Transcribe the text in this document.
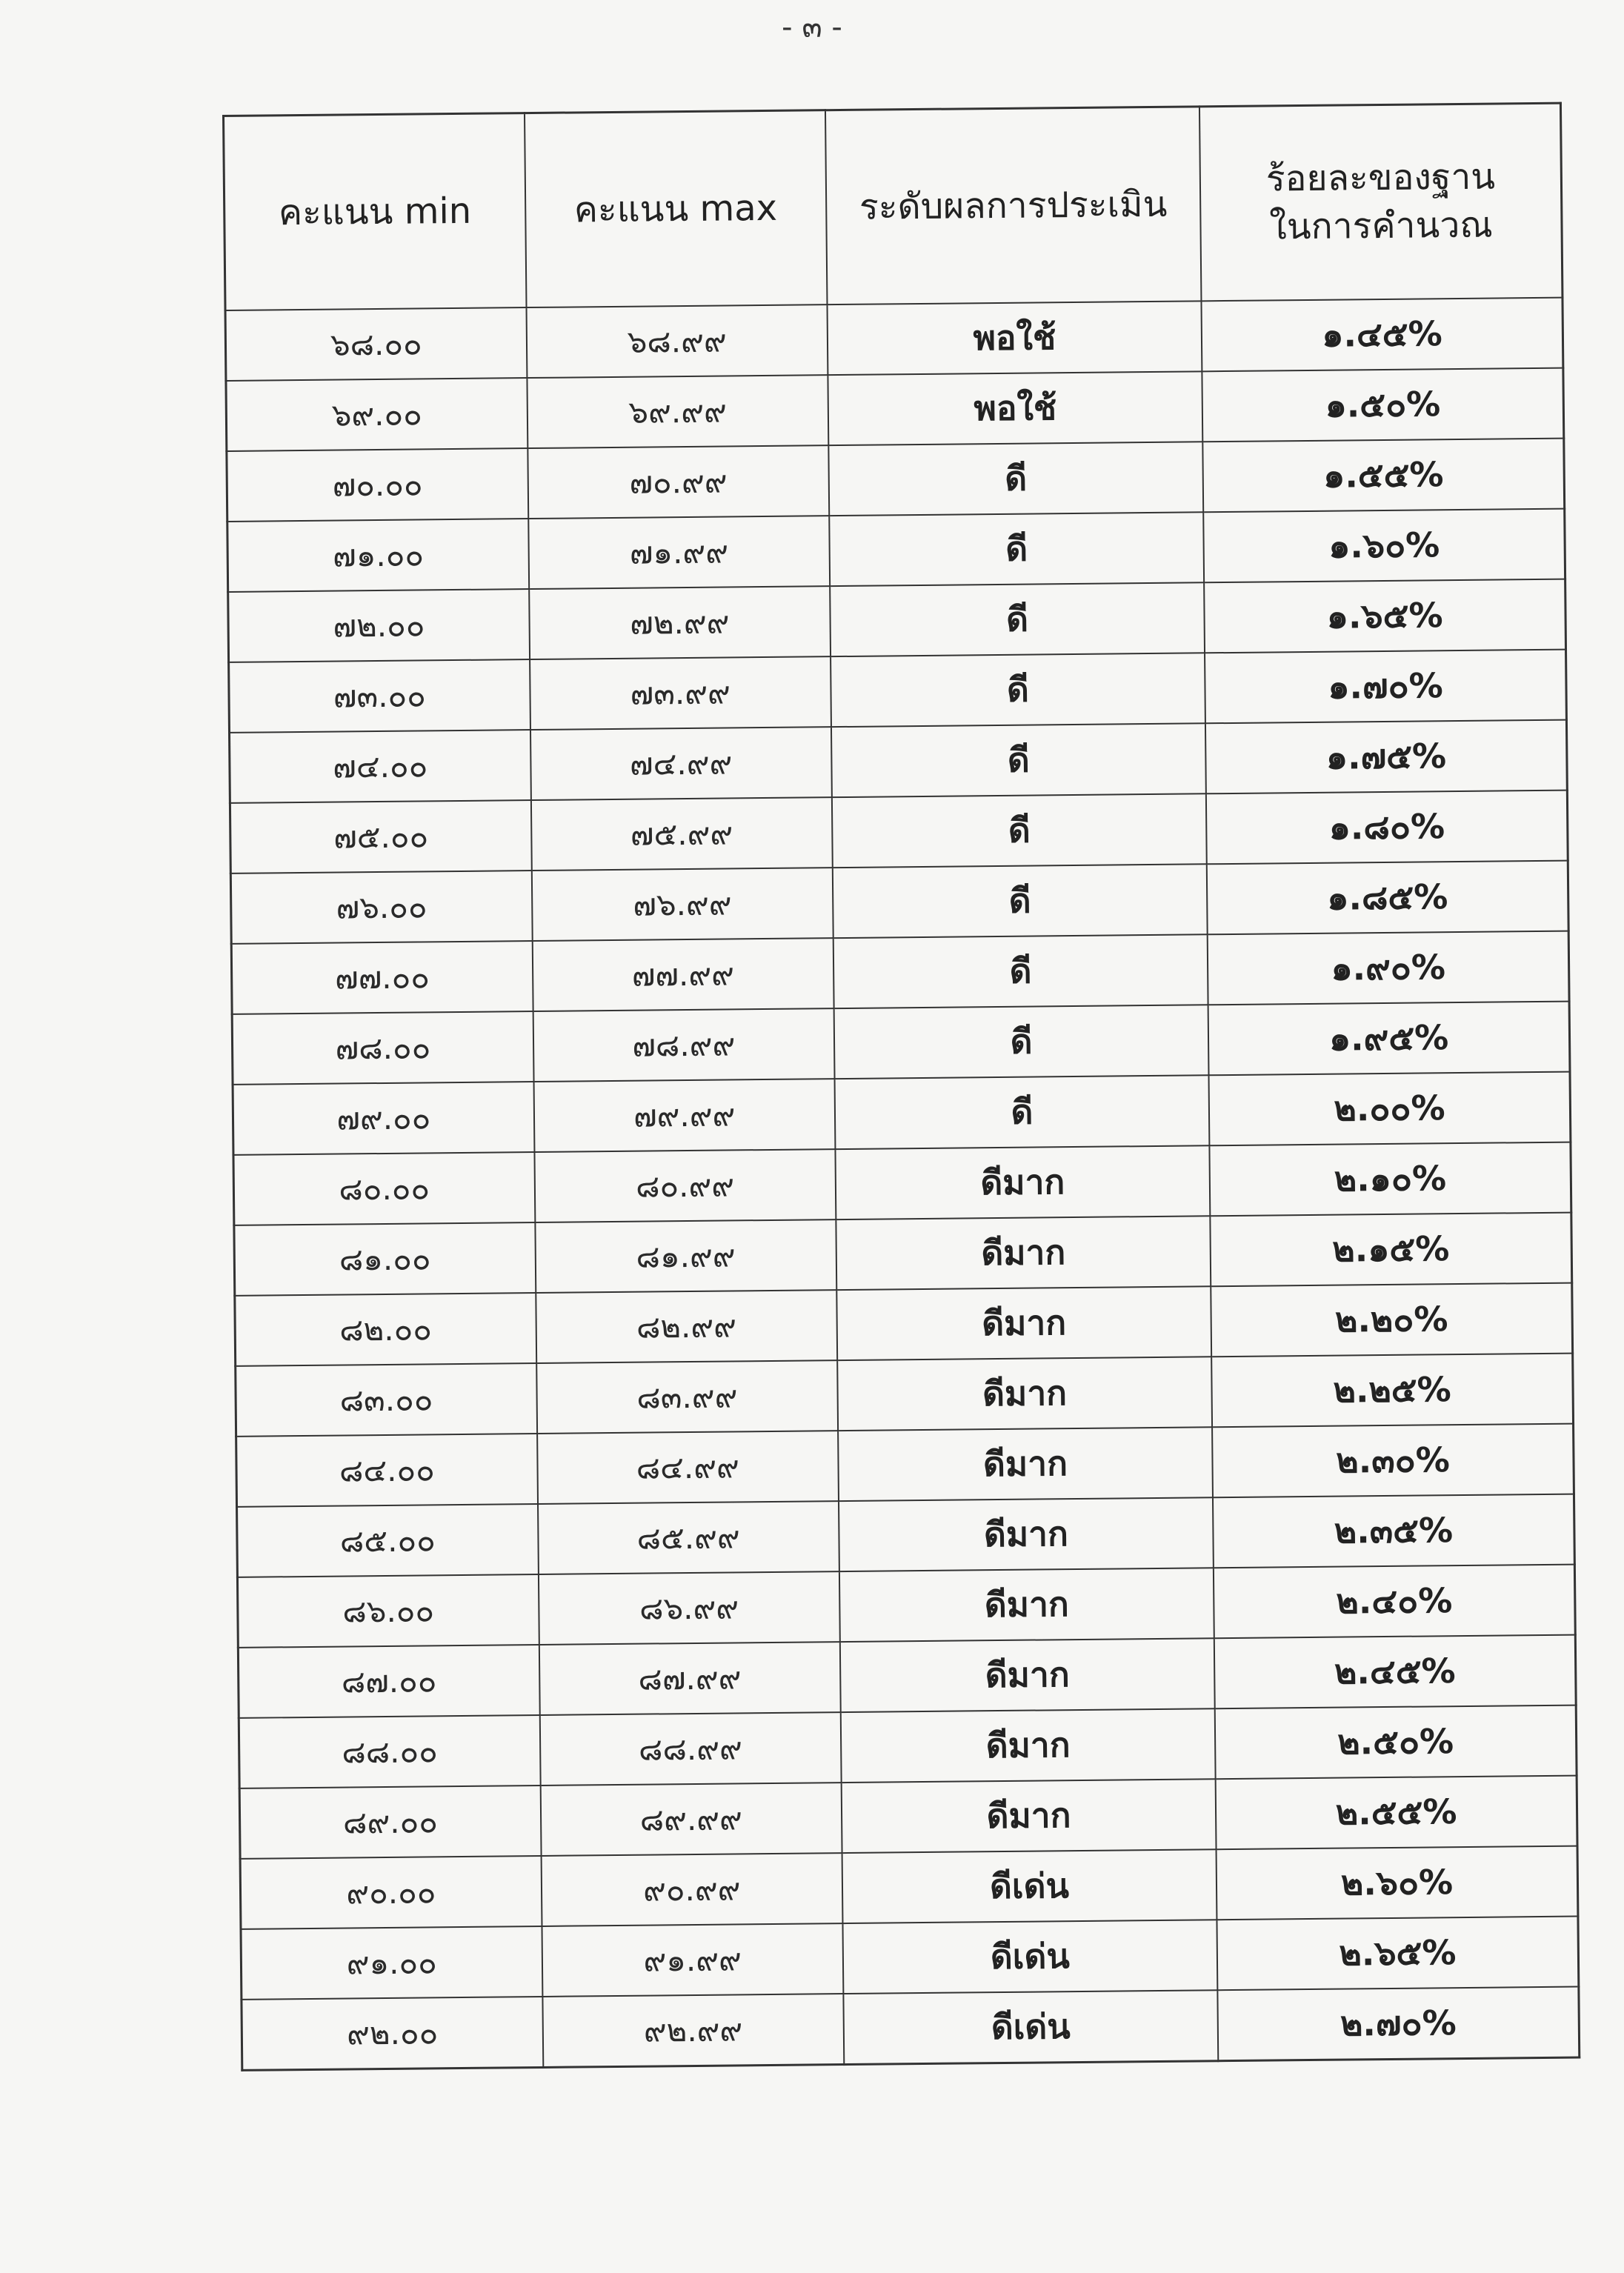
- ๓ -
คะแนน min	คะแนน max	ระดับผลการประเมิน	ร้อยละของฐาน
ในการคำนวณ

๖๘.๐๐	๖๘.๙๙	พอใช้	๑.๔๕%
๖๙.๐๐	๖๙.๙๙	พอใช้	๑.๕๐%
๗๐.๐๐	๗๐.๙๙	ดี	๑.๕๕%
๗๑.๐๐	๗๑.๙๙	ดี	๑.๖๐%
๗๒.๐๐	๗๒.๙๙	ดี	๑.๖๕%
๗๓.๐๐	๗๓.๙๙	ดี	๑.๗๐%
๗๔.๐๐	๗๔.๙๙	ดี	๑.๗๕%
๗๕.๐๐	๗๕.๙๙	ดี	๑.๘๐%
๗๖.๐๐	๗๖.๙๙	ดี	๑.๘๕%
๗๗.๐๐	๗๗.๙๙	ดี	๑.๙๐%
๗๘.๐๐	๗๘.๙๙	ดี	๑.๙๕%
๗๙.๐๐	๗๙.๙๙	ดี	๒.๐๐%
๘๐.๐๐	๘๐.๙๙	ดีมาก	๒.๑๐%
๘๑.๐๐	๘๑.๙๙	ดีมาก	๒.๑๕%
๘๒.๐๐	๘๒.๙๙	ดีมาก	๒.๒๐%
๘๓.๐๐	๘๓.๙๙	ดีมาก	๒.๒๕%
๘๔.๐๐	๘๔.๙๙	ดีมาก	๒.๓๐%
๘๕.๐๐	๘๕.๙๙	ดีมาก	๒.๓๕%
๘๖.๐๐	๘๖.๙๙	ดีมาก	๒.๔๐%
๘๗.๐๐	๘๗.๙๙	ดีมาก	๒.๔๕%
๘๘.๐๐	๘๘.๙๙	ดีมาก	๒.๕๐%
๘๙.๐๐	๘๙.๙๙	ดีมาก	๒.๕๕%
๙๐.๐๐	๙๐.๙๙	ดีเด่น	๒.๖๐%
๙๑.๐๐	๙๑.๙๙	ดีเด่น	๒.๖๕%
๙๒.๐๐	๙๒.๙๙	ดีเด่น	๒.๗๐%
